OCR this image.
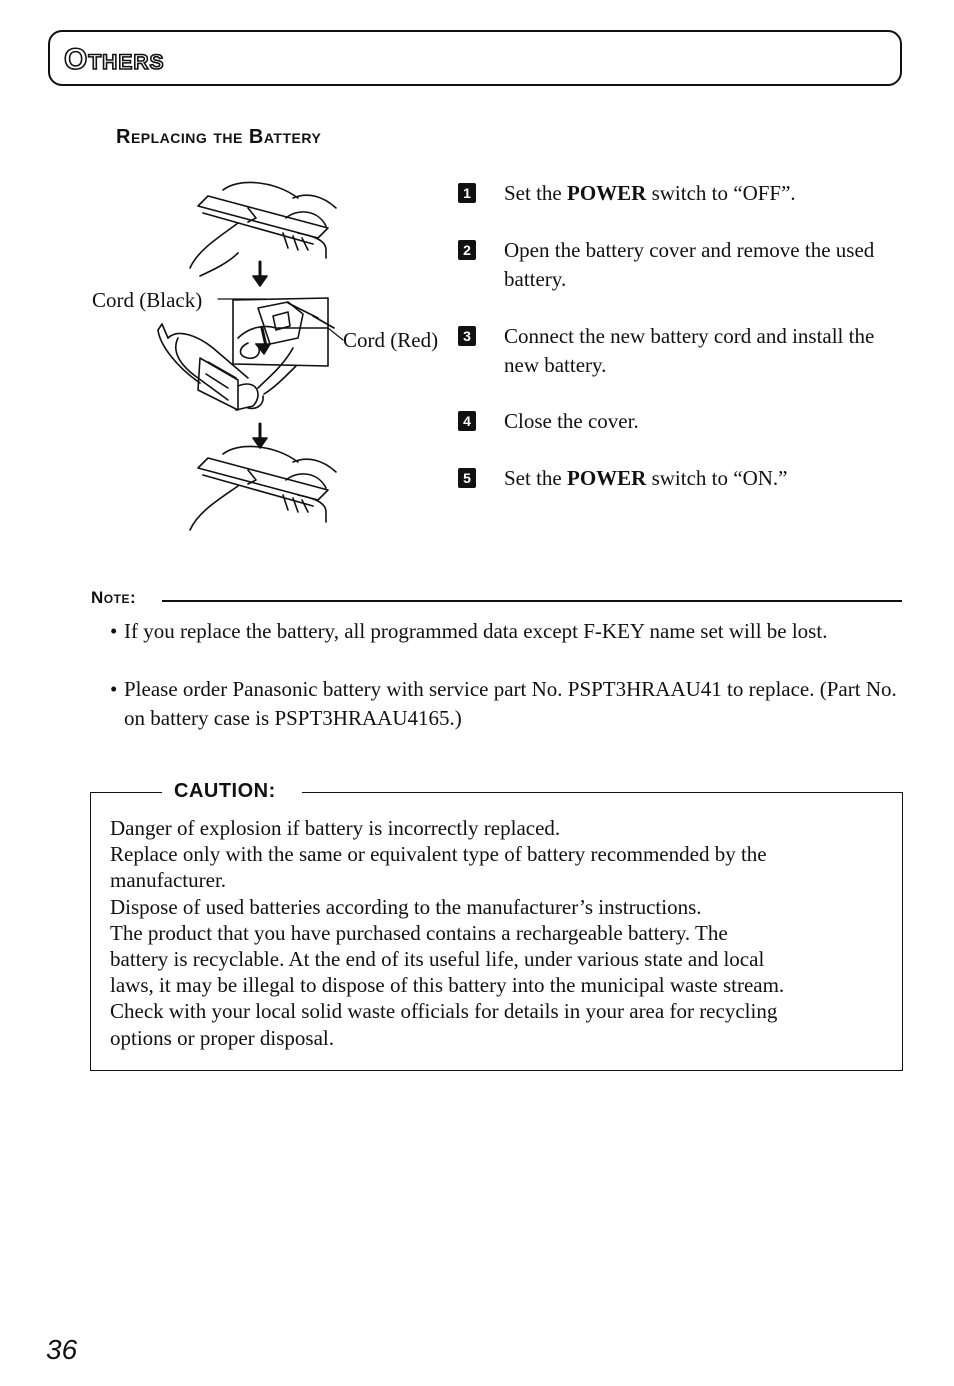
Others
Replacing the Battery
Cord (Black)
Cord (Red)
1 Set the POWER switch to “OFF”.
2 Open the battery cover and remove the used battery.
3 Connect the new battery cord and install the new battery.
4 Close the cover.
5 Set the POWER switch to “ON.”
Note:
• If you replace the battery, all programmed data except F-KEY name set will be lost.
• Please order Panasonic battery with service part No. PSPT3HRAAU41 to replace. (Part No. on battery case is PSPT3HRAAU4165.)
CAUTION:
Danger of explosion if battery is incorrectly replaced.
Replace only with the same or equivalent type of battery recommended by the
manufacturer.
Dispose of used batteries according to the manufacturer’s instructions.
The product that you have purchased contains a rechargeable battery. The
battery is recyclable. At the end of its useful life, under various state and local
laws, it may be illegal to dispose of this battery into the municipal waste stream.
Check with your local solid waste officials for details in your area for recycling
options or proper disposal.
36
